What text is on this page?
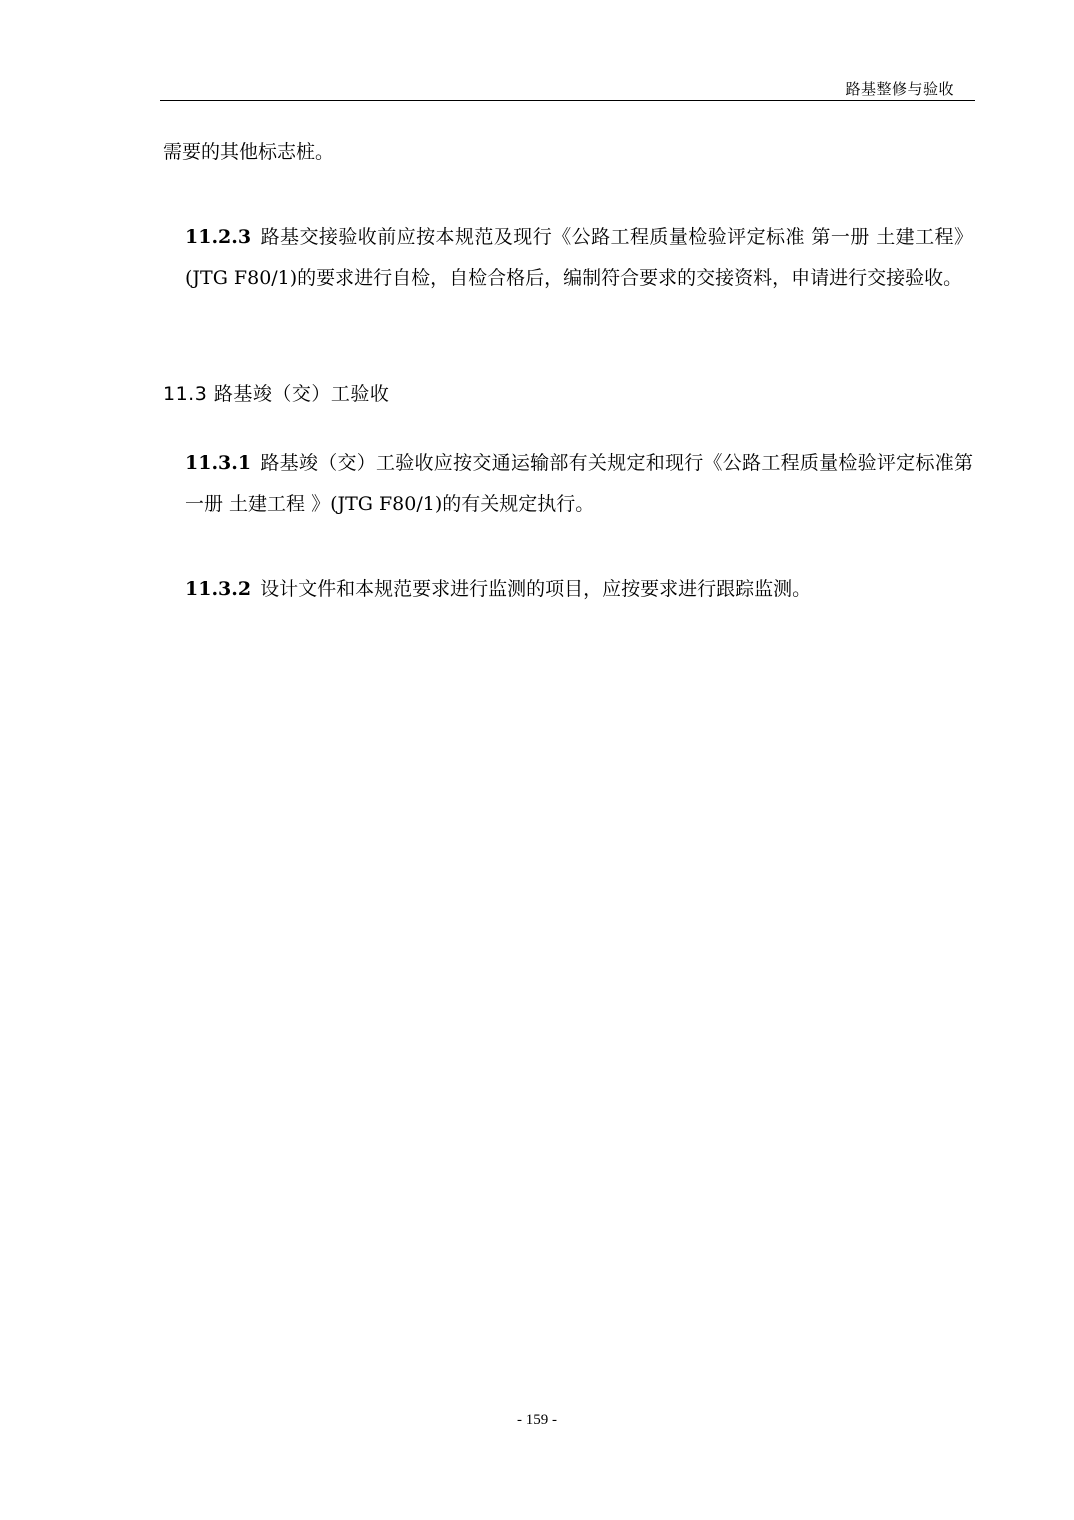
路基整修与验收
需要的其他标志桩。
11.2.3 路基交接验收前应按本规范及现行《公路工程质量检验评定标准 第一册 土建工程》(JTG F80/1)的要求进行自检，自检合格后，编制符合要求的交接资料，申请进行交接验收。
11.3 路基竣（交）工验收
11.3.1 路基竣（交）工验收应按交通运输部有关规定和现行《公路工程质量检验评定标准第一册 土建工程 》(JTG F80/1)的有关规定执行。
11.3.2 设计文件和本规范要求进行监测的项目，应按要求进行跟踪监测。
- 159 -
